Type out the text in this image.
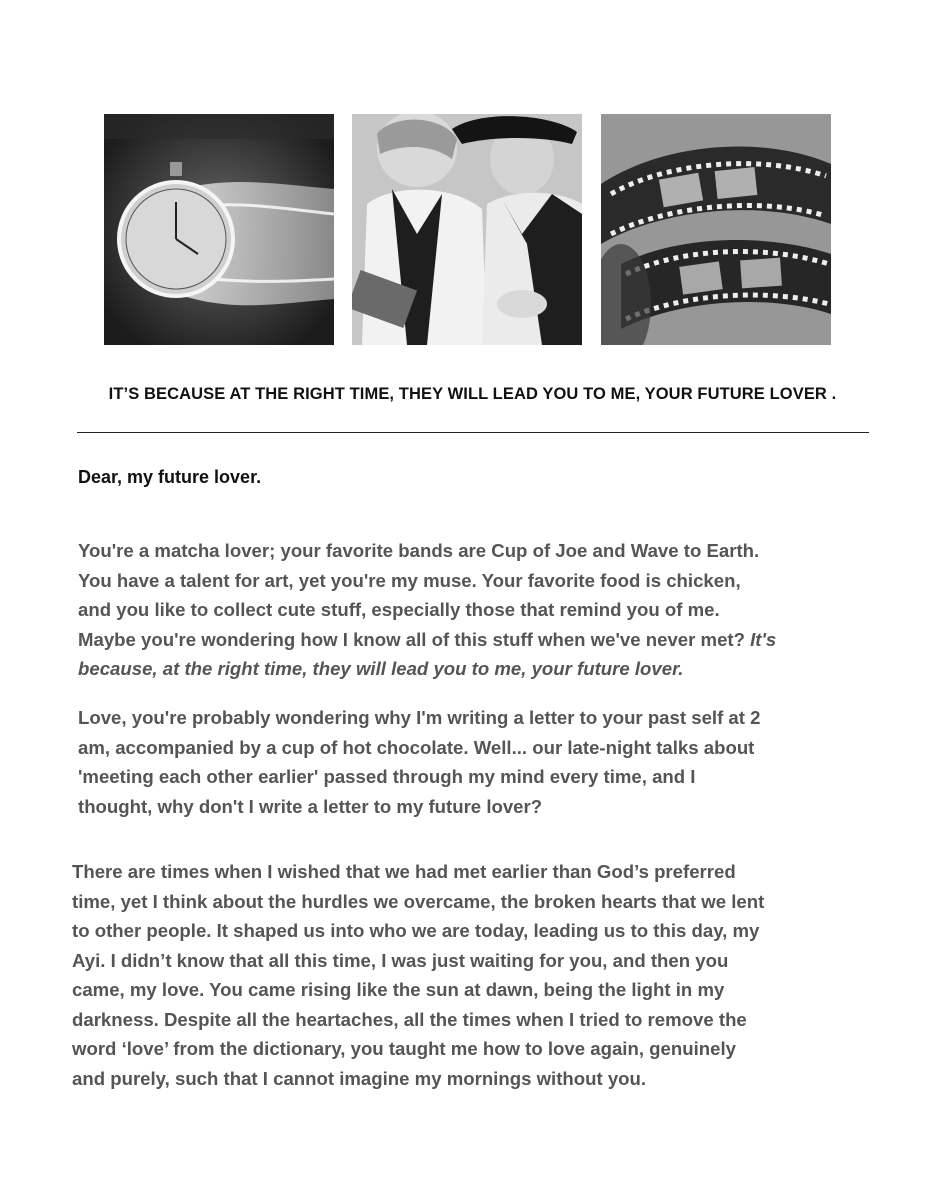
IT’S BECAUSE AT THE RIGHT TIME, THEY WILL LEAD YOU TO ME, YOUR FUTURE LOVER .
Dear, my future lover.

You're a matcha lover; your favorite bands are Cup of Joe and Wave to Earth.
You have a talent for art, yet you're my muse. Your favorite food is chicken,
and you like to collect cute stuff, especially those that remind you of me.
Maybe you're wondering how I know all of this stuff when we've never met? It's
because, at the right time, they will lead you to me, your future lover.

Love, you're probably wondering why I'm writing a letter to your past self at 2
am, accompanied by a cup of hot chocolate. Well... our late-night talks about
'meeting each other earlier' passed through my mind every time, and I
thought, why don't I write a letter to my future lover?

There are times when I wished that we had met earlier than God’s preferred
time, yet I think about the hurdles we overcame, the broken hearts that we lent
to other people. It shaped us into who we are today, leading us to this day, my
Ayi. I didn’t know that all this time, I was just waiting for you, and then you
came, my love. You came rising like the sun at dawn, being the light in my
darkness. Despite all the heartaches, all the times when I tried to remove the
word ‘love’ from the dictionary, you taught me how to love again, genuinely
and purely, such that I cannot imagine my mornings without you.
